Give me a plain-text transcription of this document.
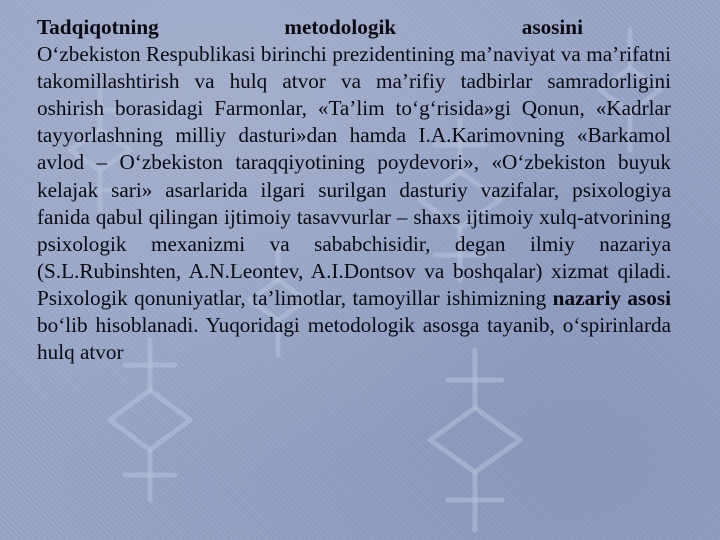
Tadqiqotning	metodologik	asosini

O‘zbekiston Respublikasi birinchi prezidentining ma’naviyat va ma’rifatni takomillashtirish va hulq atvor va ma’rifiy tadbirlar samradorligini oshirish borasidagi Farmonlar, «Ta’lim to‘g‘risida»gi Qonun, «Kadrlar tayyorlashning milliy dasturi»dan hamda I.A.Karimovning «Barkamol avlod – O‘zbekiston taraqqiyotining poydevori», «O‘zbekiston buyuk kelajak sari» asarlarida ilgari surilgan dasturiy vazifalar, psixologiya fanida qabul qilingan ijtimoiy tasavvurlar – shaxs ijtimoiy xulq-atvorining psixologik mexanizmi va sababchisidir, degan ilmiy nazariya (S.L.Rubinshten, A.N.Leontev, A.I.Dontsov va boshqalar) xizmat qiladi. Psixologik qonuniyatlar, ta’limotlar, tamoyillar ishimizning nazariy asosi bo‘lib hisoblanadi. Yuqoridagi metodologik asosga tayanib, o‘spirinlarda hulq atvor
